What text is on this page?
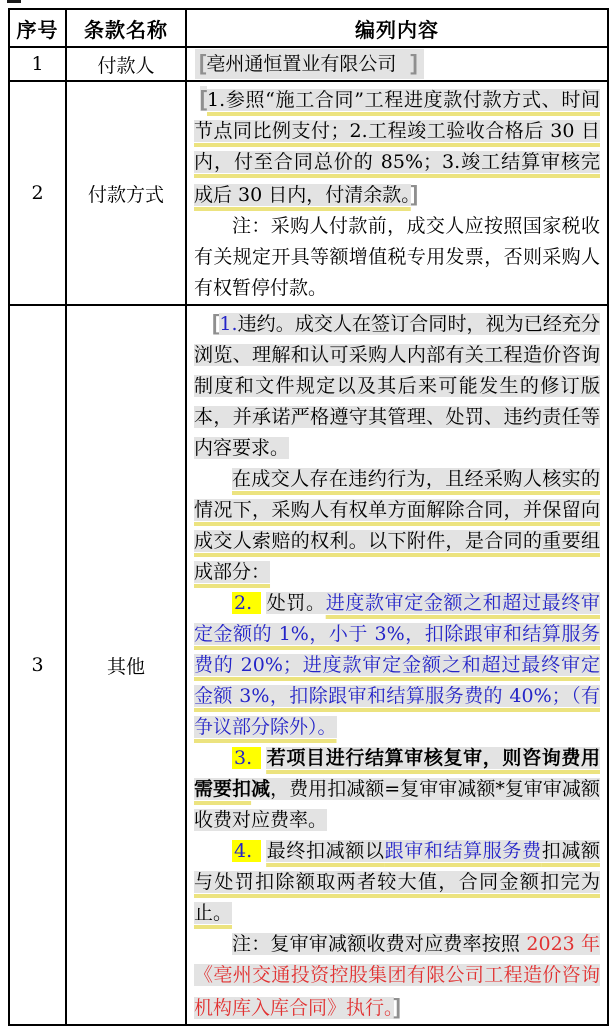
序号	条款名称	编列内容
1	付款人	[亳州通恒置业有限公司 ]
2	付款方式	[1.参照“施工合同”工程进度款付款方式、时间节点同比例支付；2.工程竣工验收合格后 30 日内，付至合同总价的 85%；3.竣工结算审核完成后 30 日内，付清余款。]

注：采购人付款前，成交人应按照国家税收有关规定开具等额增值税专用发票，否则采购人有权暂停付款。

3	其他	

[1.违约。成交人在签订合同时，视为已经充分浏览、理解和认可采购人内部有关工程造价咨询制度和文件规定以及其后来可能发生的修订版本，并承诺严格遵守其管理、处罚、违约责任等内容要求。

在成交人存在违约行为，且经采购人核实的情况下，采购人有权单方面解除合同，并保留向成交人索赔的权利。以下附件，是合同的重要组成部分：

2. 处罚。进度款审定金额之和超过最终审定金额的 1%，小于 3%，扣除跟审和结算服务费的 20%；进度款审定金额之和超过最终审定金额 3%，扣除跟审和结算服务费的 40%；（有争议部分除外）。

3. 若项目进行结算审核复审，则咨询费用需要扣减，费用扣减额=复审审减额*复审审减额收费对应费率。

4. 最终扣减额以跟审和结算服务费扣减额与处罚扣除额取两者较大值，合同金额扣完为止。

注：复审审减额收费对应费率按照 2023 年《亳州交通投资控股集团有限公司工程造价咨询机构库入库合同》执行。]
